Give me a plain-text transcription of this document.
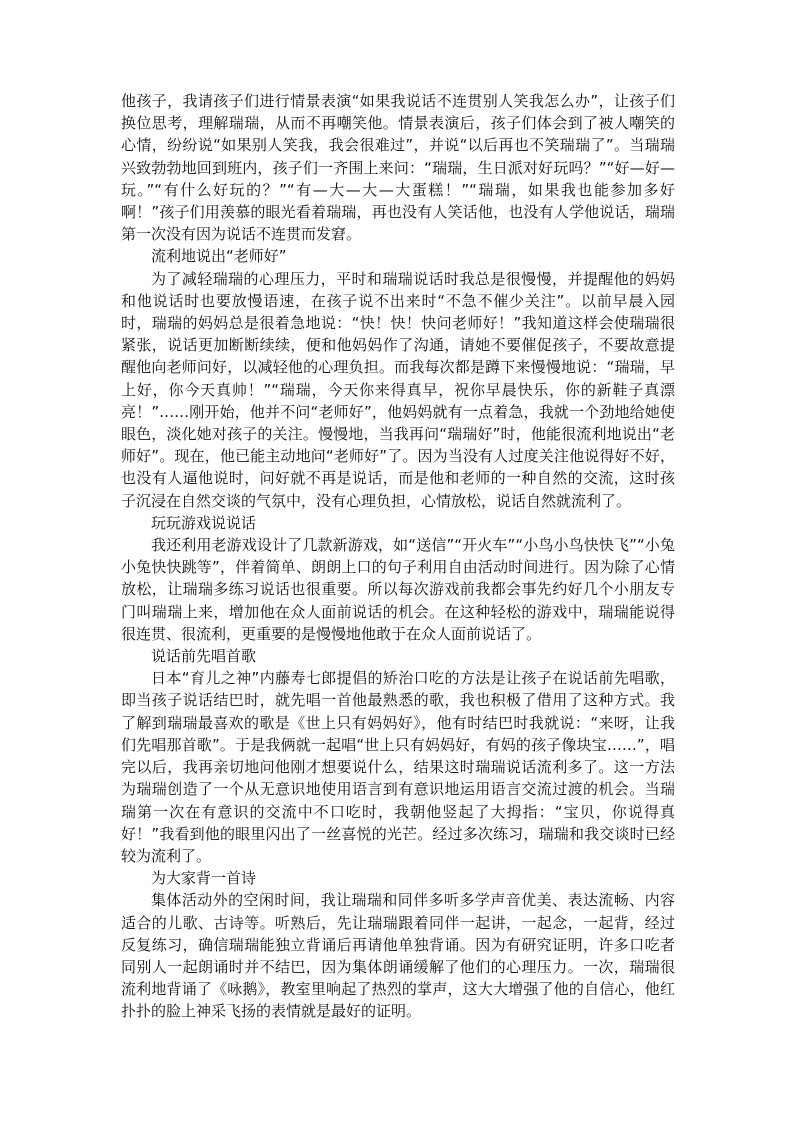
他孩子，我请孩子们进行情景表演“如果我说话不连贯别人笑我怎么办”，让孩子们换位思考，理解瑞瑞，从而不再嘲笑他。情景表演后，孩子们体会到了被人嘲笑的心情，纷纷说“如果别人笑我，我会很难过”，并说“以后再也不笑瑞瑞了”。当瑞瑞兴致勃勃地回到班内，孩子们一齐围上来问：“瑞瑞，生日派对好玩吗？”“好—好—玩。”“有什么好玩的？”“有—大—大—大蛋糕！”“瑞瑞，如果我也能参加多好啊！”孩子们用羡慕的眼光看着瑞瑞，再也没有人笑话他，也没有人学他说话，瑞瑞第一次没有因为说话不连贯而发窘。

流利地说出“老师好”

为了减轻瑞瑞的心理压力，平时和瑞瑞说话时我总是很慢慢，并提醒他的妈妈和他说话时也要放慢语速，在孩子说不出来时“不急不催少关注”。以前早晨入园时，瑞瑞的妈妈总是很着急地说：“快！快！快问老师好！”我知道这样会使瑞瑞很紧张，说话更加断断续续，便和他妈妈作了沟通，请她不要催促孩子，不要故意提醒他向老师问好，以减轻他的心理负担。而我每次都是蹲下来慢慢地说：“瑞瑞，早上好，你今天真帅！”“瑞瑞，今天你来得真早，祝你早晨快乐，你的新鞋子真漂亮！”……刚开始，他并不问“老师好”，他妈妈就有一点着急，我就一个劲地给她使眼色，淡化她对孩子的关注。慢慢地，当我再问“瑞瑞好”时，他能很流利地说出“老师好”。现在，他已能主动地问“老师好”了。因为当没有人过度关注他说得好不好，也没有人逼他说时，问好就不再是说话，而是他和老师的一种自然的交流，这时孩子沉浸在自然交谈的气氛中，没有心理负担，心情放松，说话自然就流利了。

玩玩游戏说说话

我还利用老游戏设计了几款新游戏，如“送信”“开火车”“小鸟小鸟快快飞”“小兔小兔快快跳等”，伴着简单、朗朗上口的句子利用自由活动时间进行。因为除了心情放松，让瑞瑞多练习说话也很重要。所以每次游戏前我都会事先约好几个小朋友专门叫瑞瑞上来，增加他在众人面前说话的机会。在这种轻松的游戏中，瑞瑞能说得很连贯、很流利，更重要的是慢慢地他敢于在众人面前说话了。

说话前先唱首歌

日本“育儿之神”内藤寿七郎提倡的矫治口吃的方法是让孩子在说话前先唱歌，即当孩子说话结巴时，就先唱一首他最熟悉的歌，我也积极了借用了这种方式。我了解到瑞瑞最喜欢的歌是《世上只有妈妈好》，他有时结巴时我就说：“来呀，让我们先唱那首歌”。于是我俩就一起唱“世上只有妈妈好，有妈的孩子像块宝……”，唱完以后，我再亲切地问他刚才想要说什么，结果这时瑞瑞说话流利多了。这一方法为瑞瑞创造了一个从无意识地使用语言到有意识地运用语言交流过渡的机会。当瑞瑞第一次在有意识的交流中不口吃时，我朝他竖起了大拇指：“宝贝，你说得真好！”我看到他的眼里闪出了一丝喜悦的光芒。经过多次练习，瑞瑞和我交谈时已经较为流利了。

为大家背一首诗

集体活动外的空闲时间，我让瑞瑞和同伴多听多学声音优美、表达流畅、内容适合的儿歌、古诗等。听熟后，先让瑞瑞跟着同伴一起讲，一起念，一起背，经过反复练习，确信瑞瑞能独立背诵后再请他单独背诵。因为有研究证明，许多口吃者同别人一起朗诵时并不结巴，因为集体朗诵缓解了他们的心理压力。一次，瑞瑞很流利地背诵了《咏鹅》，教室里响起了热烈的掌声，这大大增强了他的自信心，他红扑扑的脸上神采飞扬的表情就是最好的证明。
